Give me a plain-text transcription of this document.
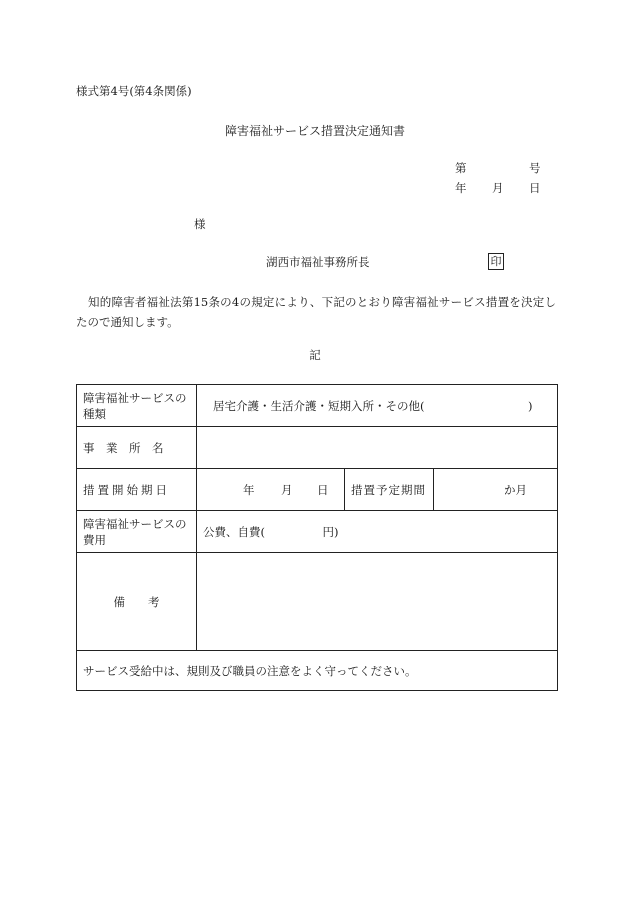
様式第4号(第4条関係)
障害福祉サービス措置決定通知書
第	号
年 月 日
様
湖西市福祉事務所長	印
知的障害者福祉法第15条の4の規定により、下記のとおり障害福祉サービス措置を決定したので通知します。
記
障害福祉サービスの種類	居宅介護・生活介護・短期入所・その他(　　　　　　　　　)		
事　業　所　名			
措置開始期日	年 月 日	措置予定期間	か月
障害福祉サービスの費用	公費、自費(　　　　　円)		
備　　考			
サービス受給中は、規則及び職員の注意をよく守ってください。			
